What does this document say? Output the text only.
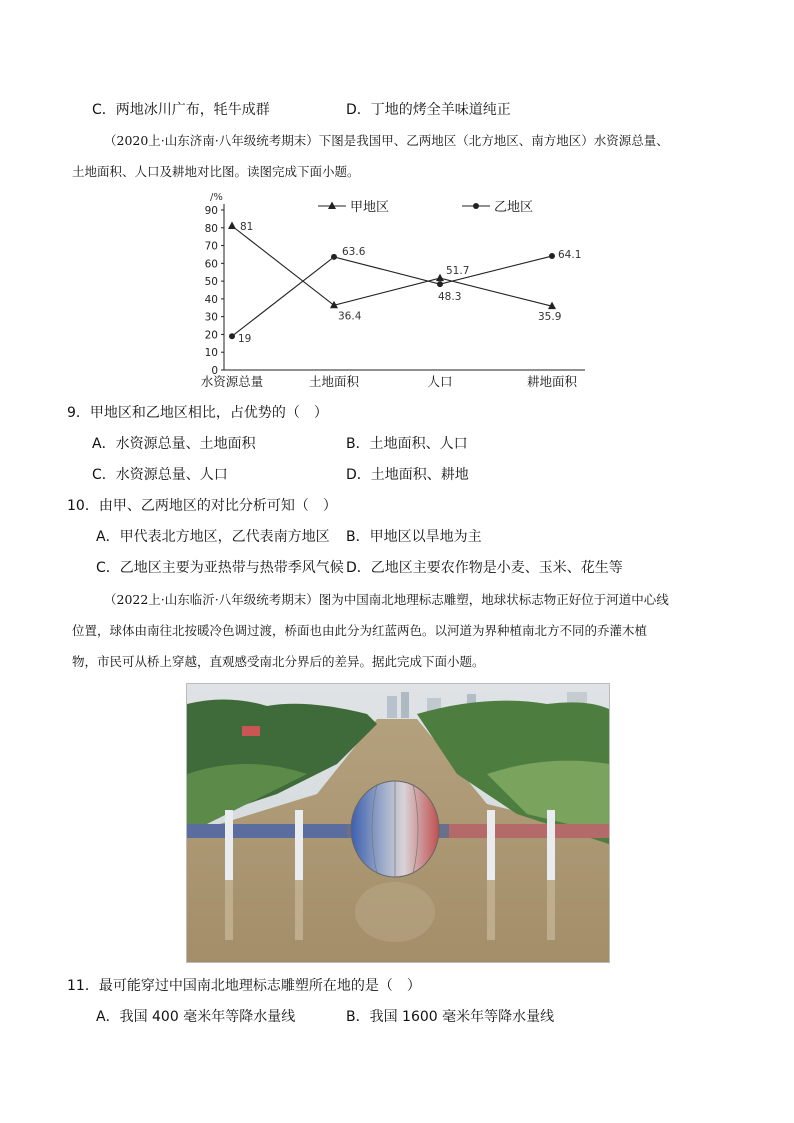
C．两地冰川广布，牦牛成群	D．丁地的烤全羊味道纯正
（2020上·山东济南·八年级统考期末）下图是我国甲、乙两地区（北方地区、南方地区）水资源总量、
土地面积、人口及耕地对比图。读图完成下面小题。
/%
0
10
20
30
40
50
60
70
80
90
水资源总量	土地面积	人口	耕地面积
甲地区	乙地区
81
36.4
51.7
35.9
19
63.6
48.3
64.1
9．甲地区和乙地区相比，占优势的（　）
A．水资源总量、土地面积	B．土地面积、人口
C．水资源总量、人口	D．土地面积、耕地
10．由甲、乙两地区的对比分析可知（　）
A．甲代表北方地区，乙代表南方地区 B．甲地区以旱地为主
C．乙地区主要为亚热带与热带季风气候 D．乙地区主要农作物是小麦、玉米、花生等
（2022上·山东临沂·八年级统考期末）图为中国南北地理标志雕塑，地球状标志物正好位于河道中心线
位置，球体由南往北按暖冷色调过渡，桥面也由此分为红蓝两色。以河道为界种植南北方不同的乔灌木植
物，市民可从桥上穿越，直观感受南北分界后的差异。据此完成下面小题。
11．最可能穿过中国南北地理标志雕塑所在地的是（　）
A．我国 400 毫米年等降水量线	B．我国 1600 毫米年等降水量线
